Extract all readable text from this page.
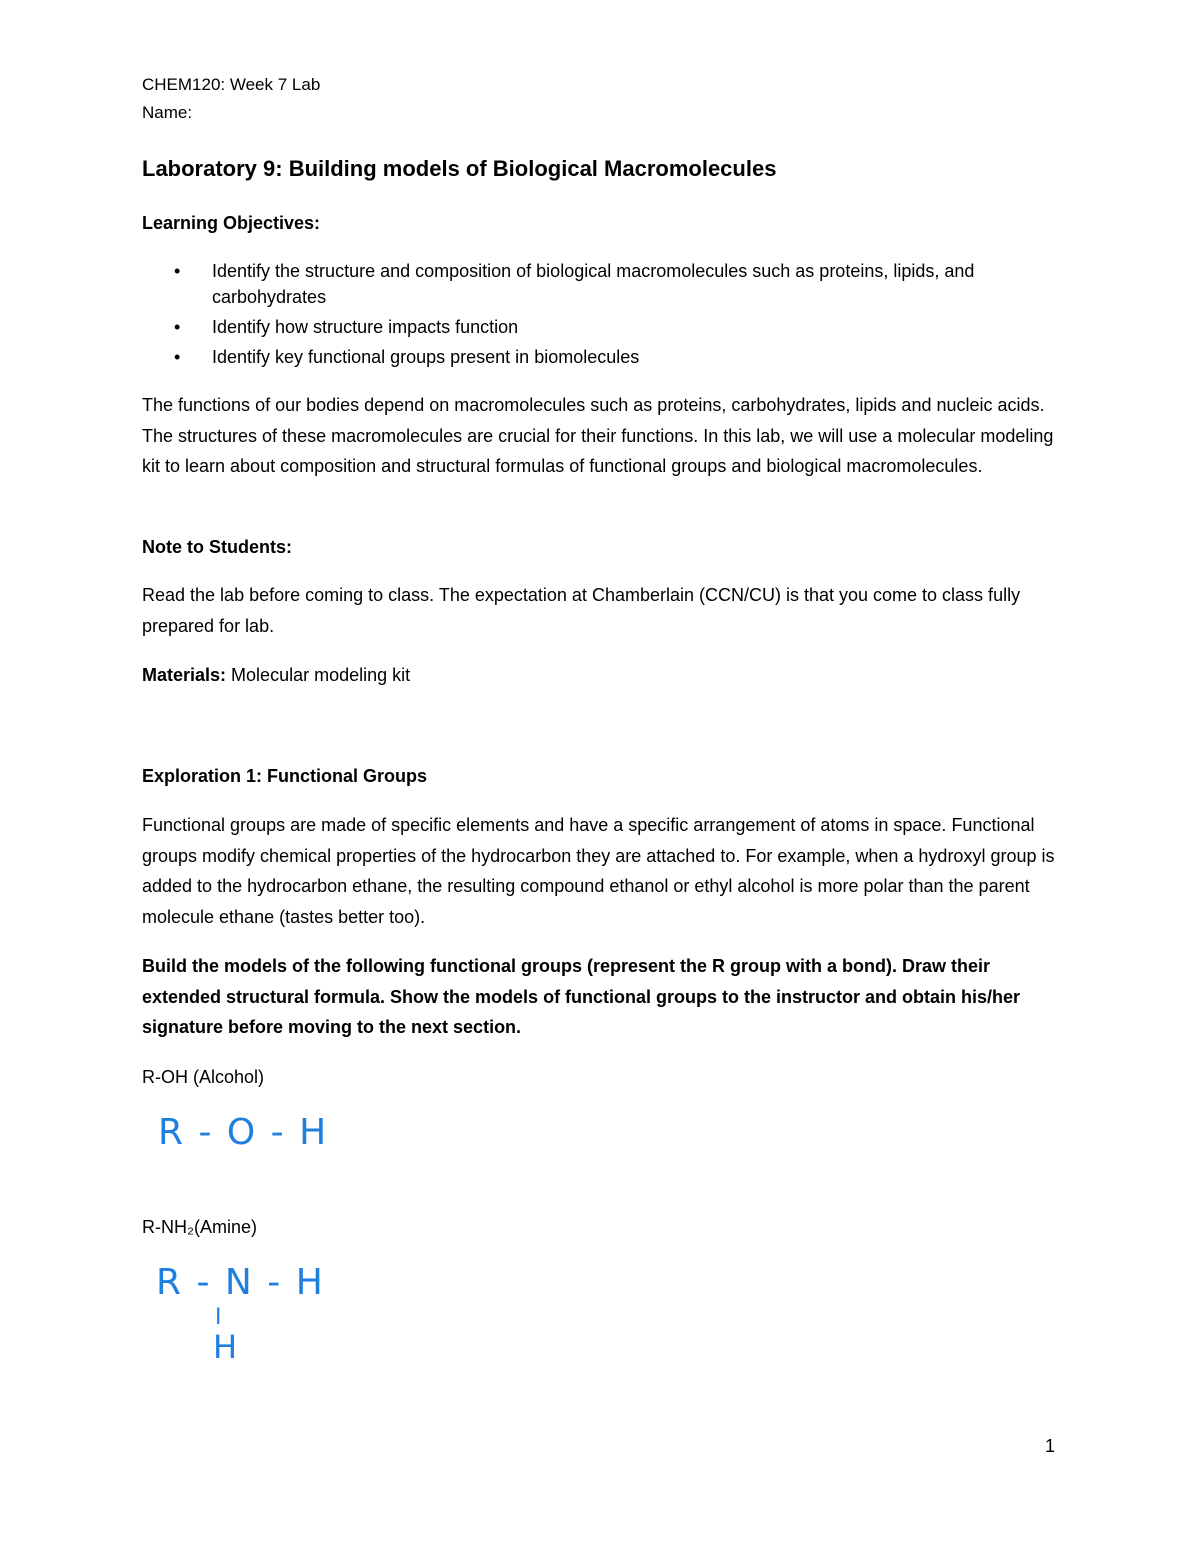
CHEM120: Week 7 Lab
Name:
Laboratory 9: Building models of Biological Macromolecules
Learning Objectives:
• Identify the structure and composition of biological macromolecules such as proteins, lipids, and carbohydrates
• Identify how structure impacts function
• Identify key functional groups present in biomolecules
The functions of our bodies depend on macromolecules such as proteins, carbohydrates, lipids and nucleic acids. The structures of these macromolecules are crucial for their functions. In this lab, we will use a molecular modeling kit to learn about composition and structural formulas of functional groups and biological macromolecules.
Note to Students:
Read the lab before coming to class. The expectation at Chamberlain (CCN/CU) is that you come to class fully prepared for lab.
Materials: Molecular modeling kit
Exploration 1: Functional Groups
Functional groups are made of specific elements and have a specific arrangement of atoms in space. Functional groups modify chemical properties of the hydrocarbon they are attached to. For example, when a hydroxyl group is added to the hydrocarbon ethane, the resulting compound ethanol or ethyl alcohol is more polar than the parent molecule ethane (tastes better too).
Build the models of the following functional groups (represent the R group with a bond). Draw their extended structural formula. Show the models of functional groups to the instructor and obtain his/her signature before moving to the next section.
R-OH (Alcohol)
R - O - H
R-NH₂(Amine)
R - N - H
I
H
1
